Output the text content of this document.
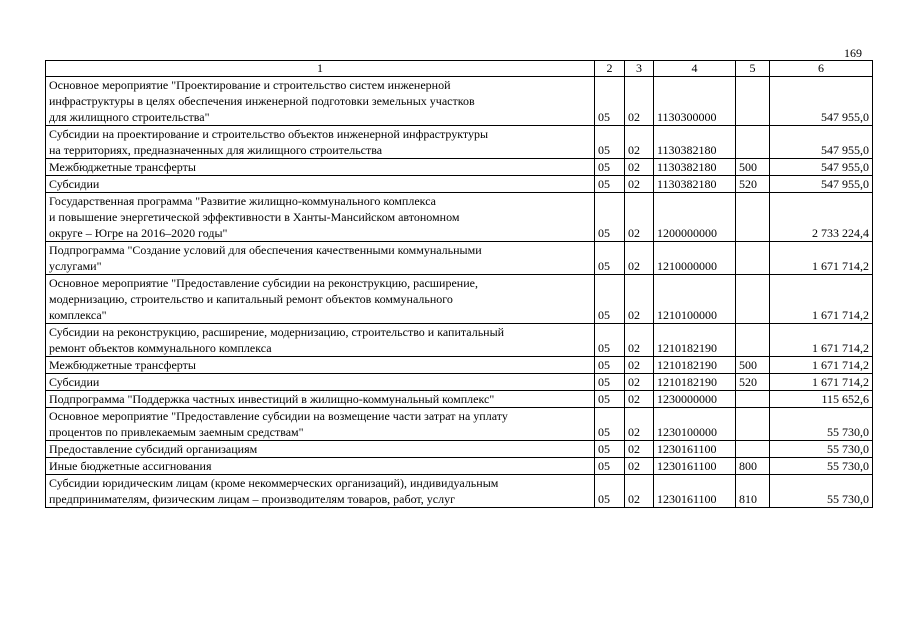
169
1	2	3	4	5	6
Основное мероприятие "Проектирование и строительство систем инженерной
инфраструктуры в целях обеспечения инженерной подготовки земельных участков
для жилищного строительства"	05	02	1130300000		547 955,0
Субсидии на проектирование и строительство объектов инженерной инфраструктуры
на территориях, предназначенных для жилищного строительства	05	02	1130382180		547 955,0
Межбюджетные трансферты	05	02	1130382180	500	547 955,0
Субсидии	05	02	1130382180	520	547 955,0
Государственная программа "Развитие жилищно-коммунального комплекса
и повышение энергетической эффективности в Ханты-Мансийском автономном
округе – Югре на 2016–2020 годы"	05	02	1200000000		2 733 224,4
Подпрограмма "Создание условий для обеспечения качественными коммунальными
услугами"	05	02	1210000000		1 671 714,2
Основное мероприятие "Предоставление субсидии на реконструкцию, расширение,
модернизацию, строительство и капитальный ремонт объектов коммунального
комплекса"	05	02	1210100000		1 671 714,2
Субсидии на реконструкцию, расширение, модернизацию, строительство и капитальный
ремонт объектов коммунального комплекса	05	02	1210182190		1 671 714,2
Межбюджетные трансферты	05	02	1210182190	500	1 671 714,2
Субсидии	05	02	1210182190	520	1 671 714,2
Подпрограмма "Поддержка частных инвестиций в жилищно-коммунальный комплекс"	05	02	1230000000		115 652,6
Основное мероприятие "Предоставление субсидии на возмещение части затрат на уплату
процентов по привлекаемым заемным средствам"	05	02	1230100000		55 730,0
Предоставление субсидий организациям	05	02	1230161100		55 730,0
Иные бюджетные ассигнования	05	02	1230161100	800	55 730,0
Субсидии юридическим лицам (кроме некоммерческих организаций), индивидуальным
предпринимателям, физическим лицам – производителям товаров, работ, услуг	05	02	1230161100	810	55 730,0
